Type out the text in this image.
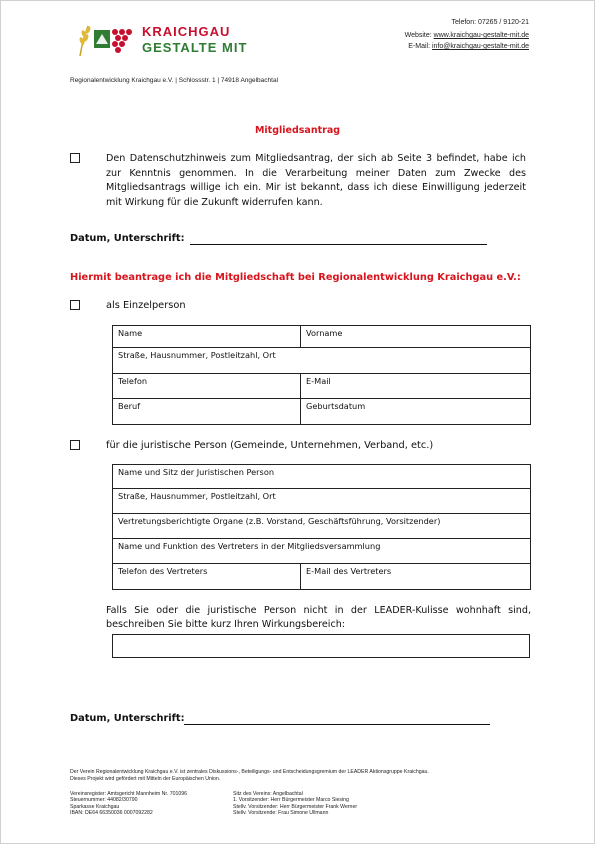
KRAICHGAU
GESTALTE MIT
Telefon: 07265 / 9120-21
Website: www.kraichgau-gestalte-mit.de
E-Mail: info@kraichgau-gestalte-mit.de
Regionalentwicklung Kraichgau e.V. | Schlossstr. 1 | 74918 Angelbachtal
Mitgliedsantrag
Den Datenschutzhinweis zum Mitgliedsantrag, der sich ab Seite 3 befindet, habe ich zur Kenntnis genommen. In die Verarbeitung meiner Daten zum Zwecke des Mitgliedsantrags willige ich ein. Mir ist bekannt, dass ich diese Einwilligung jederzeit mit Wirkung für die Zukunft widerrufen kann.
Datum, Unterschrift:
Hiermit beantrage ich die Mitgliedschaft bei Regionalentwicklung Kraichgau e.V.:
als Einzelperson
Name	Vorname
Straße, Hausnummer, Postleitzahl, Ort	
Telefon	E-Mail
Beruf	Geburtsdatum
für die juristische Person (Gemeinde, Unternehmen, Verband, etc.)
Name und Sitz der Juristischen Person
Straße, Hausnummer, Postleitzahl, Ort
Vertretungsberichtigte Organe (z.B. Vorstand, Geschäftsführung, Vorsitzender)
Name und Funktion des Vertreters in der Mitgliedsversammlung
Telefon des Vertreters	E-Mail des Vertreters
Falls Sie oder die juristische Person nicht in der LEADER-Kulisse wohnhaft sind, beschreiben Sie bitte kurz Ihren Wirkungsbereich:
Datum, Unterschrift:
Der Verein Regionalentwicklung Kraichgau e.V. ist zentrales Diskussions-, Beteiligungs- und Entscheidungsgremium der LEADER Aktionsgruppe Kraichgau.
Dieses Projekt wird gefördert mit Mitteln der Europäischen Union.
Vereinsregister: Amtsgericht Mannheim Nr. 701096
Steuernummer: 44082/30790
Sparkasse Kraichgau
IBAN: DE64 66350036 0007092282
Sitz des Vereins: Angelbachtal
1. Vorsitzender: Herr Bürgermeister Marco Siesing
Stellv. Vorsitzender: Herr Bürgermeister Frank Werner
Stellv. Vorsitzende: Frau Simone Ullmann
